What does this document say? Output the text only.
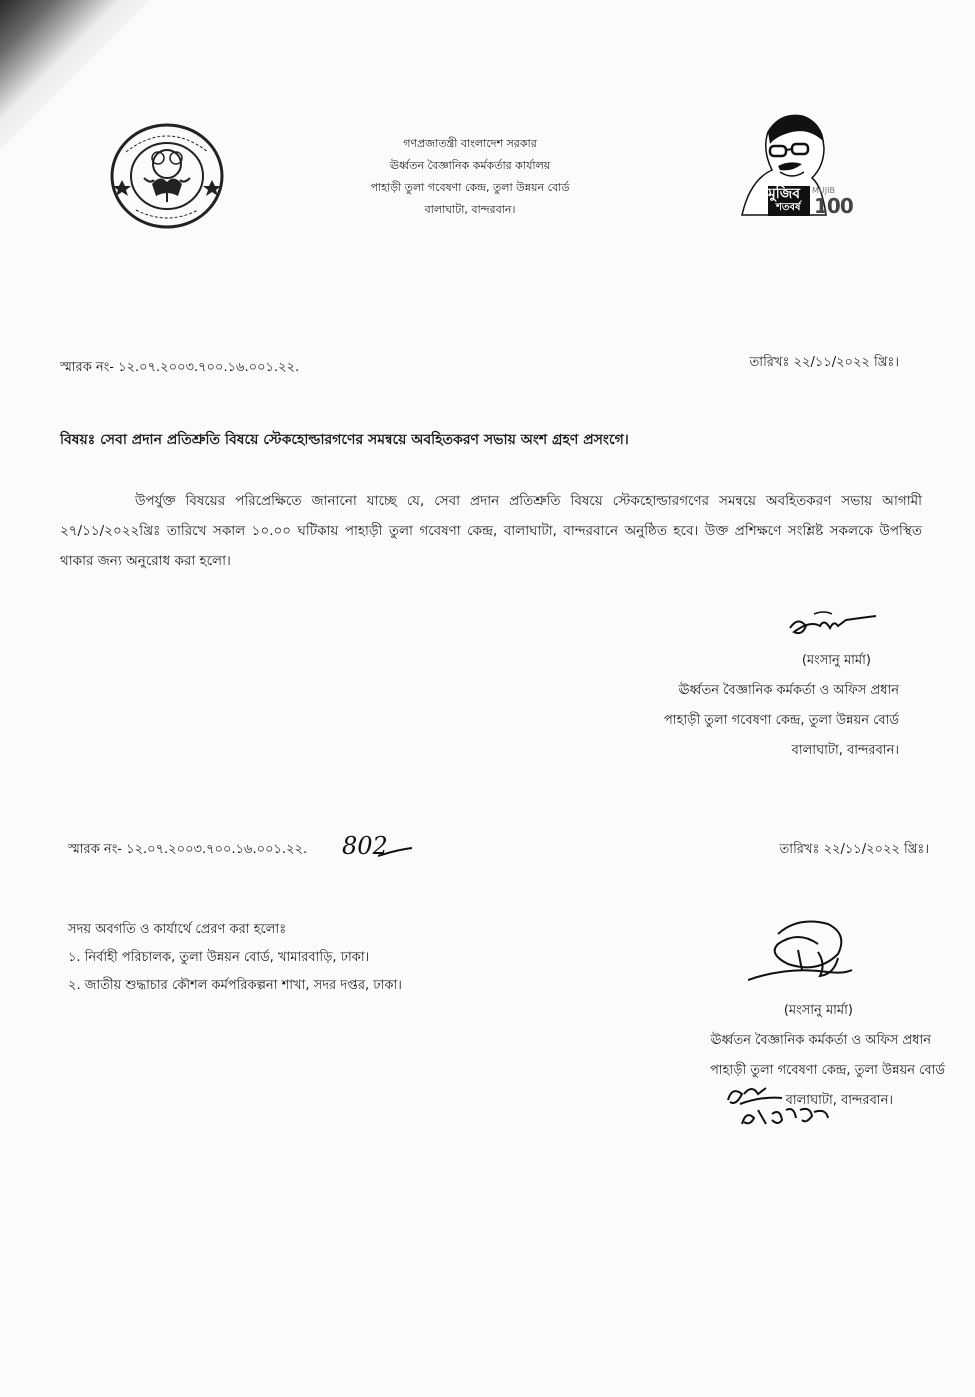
গণপ্রজাতন্ত্রী বাংলাদেশ সরকার
ঊর্ধ্বতন বৈজ্ঞানিক কর্মকর্তার কার্যালয়
পাহাড়ী তুলা গবেষণা কেন্দ্র, তুলা উন্নয়ন বোর্ড
বালাঘাটা, বান্দরবান।
মুজিব
শতবর্ষ
MUJIB
100
স্মারক নং- ১২.০৭.২০০৩.৭০০.১৬.০০১.২২.	তারিখঃ ২২/১১/২০২২ খ্রিঃ।
বিষয়ঃ সেবা প্রদান প্রতিশ্রুতি বিষয়ে স্টেকহোল্ডারগণের সমন্বয়ে অবহিতকরণ সভায় অংশ গ্রহণ প্রসংগে।
উপর্যুক্ত বিষয়ের পরিপ্রেক্ষিতে জানানো যাচ্ছে যে, সেবা প্রদান প্রতিশ্রুতি বিষয়ে স্টেকহোল্ডারগণের সমন্বয়ে অবহিতকরণ সভায় আগামী ২৭/১১/২০২২খ্রিঃ তারিখে সকাল ১০.০০ ঘটিকায় পাহাড়ী তুলা গবেষণা কেন্দ্র, বালাঘাটা, বান্দরবানে অনুষ্ঠিত হবে। উক্ত প্রশিক্ষণে সংশ্লিষ্ট সকলকে উপস্থিত থাকার জন্য অনুরোধ করা হলো।
(মংসানু মার্মা)
ঊর্ধ্বতন বৈজ্ঞানিক কর্মকর্তা ও অফিস প্রধান
পাহাড়ী তুলা গবেষণা কেন্দ্র, তুলা উন্নয়ন বোর্ড
বালাঘাটা, বান্দরবান।
স্মারক নং- ১২.০৭.২০০৩.৭০০.১৬.০০১.২২. 802	তারিখঃ ২২/১১/২০২২ খ্রিঃ।
সদয় অবগতি ও কার্যার্থে প্রেরণ করা হলোঃ
১. নির্বাহী পরিচালক, তুলা উন্নয়ন বোর্ড, খামারবাড়ি, ঢাকা।
২. জাতীয় শুদ্ধাচার কৌশল কর্মপরিকল্পনা শাখা, সদর দপ্তর, ঢাকা।
(মংসানু মার্মা)
ঊর্ধ্বতন বৈজ্ঞানিক কর্মকর্তা ও অফিস প্রধান
পাহাড়ী তুলা গবেষণা কেন্দ্র, তুলা উন্নয়ন বোর্ড
বালাঘাটা, বান্দরবান।
